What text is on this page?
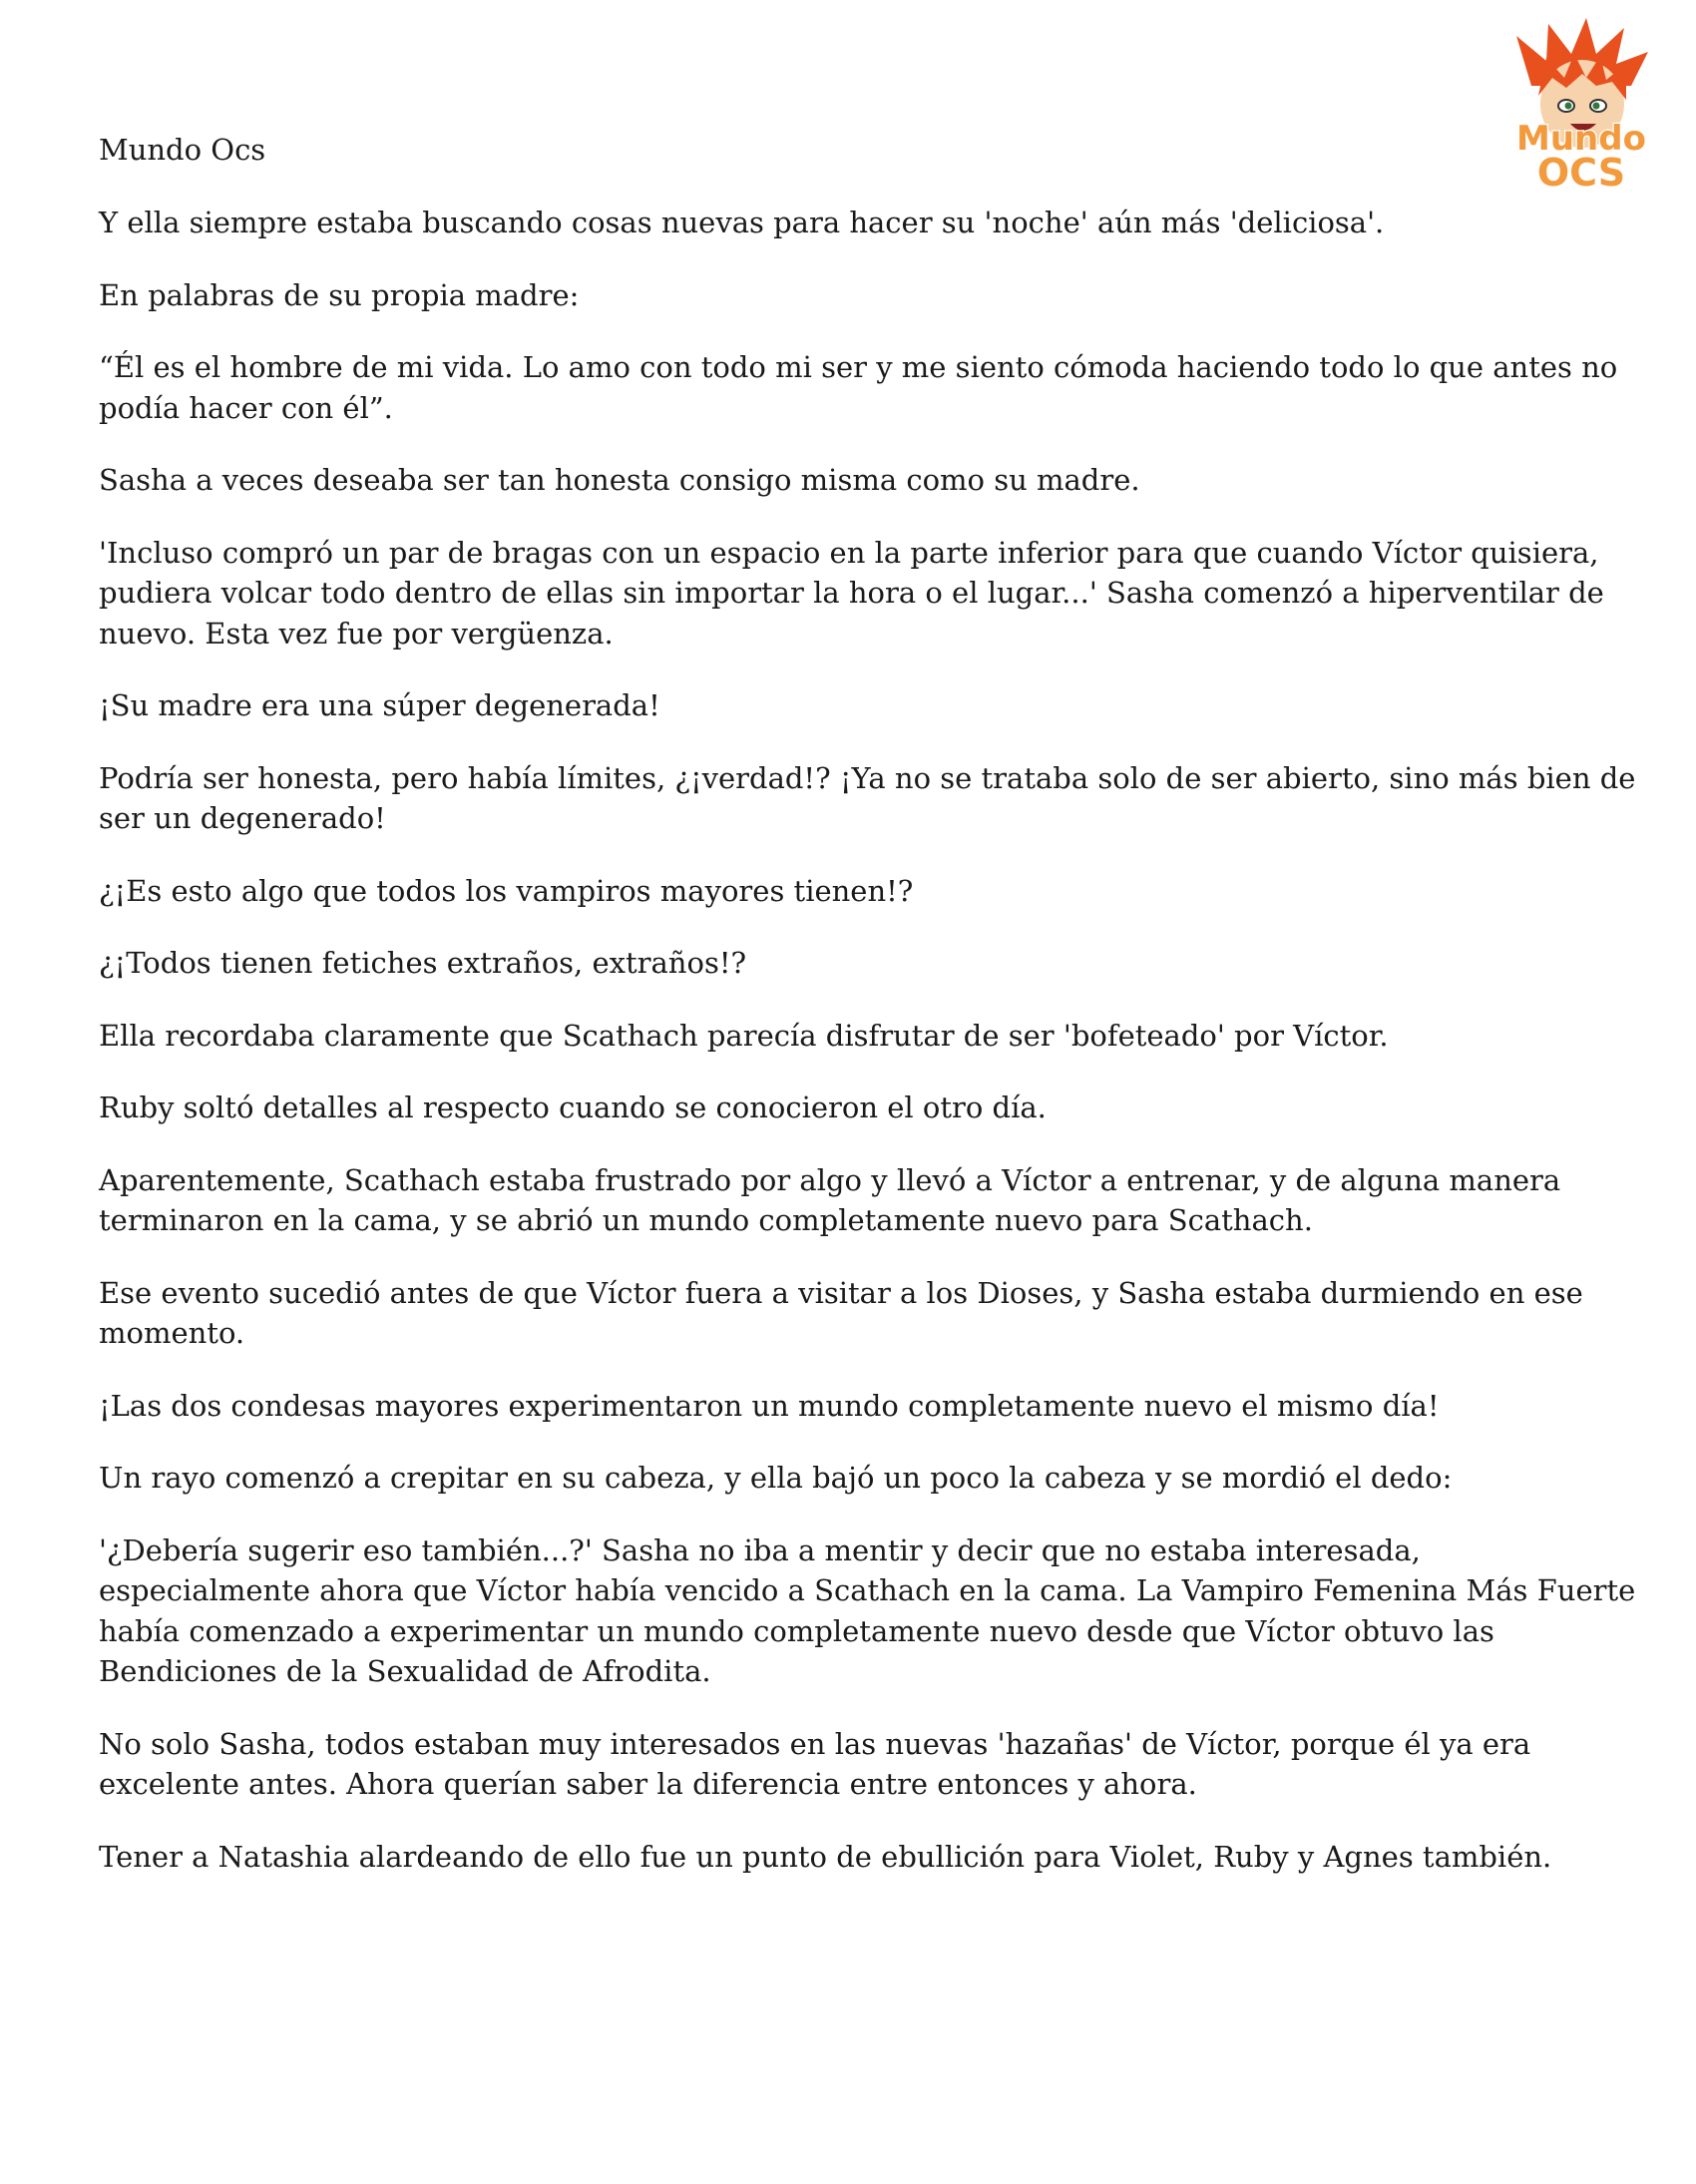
Mundo
OCS

Mundo Ocs

Y ella siempre estaba buscando cosas nuevas para hacer su 'noche' aún más 'deliciosa'.

En palabras de su propia madre:

“Él es el hombre de mi vida. Lo amo con todo mi ser y me siento cómoda haciendo todo lo que antes no podía hacer con él”.

Sasha a veces deseaba ser tan honesta consigo misma como su madre.

'Incluso compró un par de bragas con un espacio en la parte inferior para que cuando Víctor quisiera, pudiera volcar todo dentro de ellas sin importar la hora o el lugar...' Sasha comenzó a hiperventilar de nuevo. Esta vez fue por vergüenza.

¡Su madre era una súper degenerada!

Podría ser honesta, pero había límites, ¿¡verdad!? ¡Ya no se trataba solo de ser abierto, sino más bien de ser un degenerado!

¿¡Es esto algo que todos los vampiros mayores tienen!?

¿¡Todos tienen fetiches extraños, extraños!?

Ella recordaba claramente que Scathach parecía disfrutar de ser 'bofeteado' por Víctor.

Ruby soltó detalles al respecto cuando se conocieron el otro día.

Aparentemente, Scathach estaba frustrado por algo y llevó a Víctor a entrenar, y de alguna manera terminaron en la cama, y se abrió un mundo completamente nuevo para Scathach.

Ese evento sucedió antes de que Víctor fuera a visitar a los Dioses, y Sasha estaba durmiendo en ese momento.

¡Las dos condesas mayores experimentaron un mundo completamente nuevo el mismo día!

Un rayo comenzó a crepitar en su cabeza, y ella bajó un poco la cabeza y se mordió el dedo:

'¿Debería sugerir eso también...?' Sasha no iba a mentir y decir que no estaba interesada, especialmente ahora que Víctor había vencido a Scathach en la cama. La Vampiro Femenina Más Fuerte había comenzado a experimentar un mundo completamente nuevo desde que Víctor obtuvo las Bendiciones de la Sexualidad de Afrodita.

No solo Sasha, todos estaban muy interesados en las nuevas 'hazañas' de Víctor, porque él ya era excelente antes. Ahora querían saber la diferencia entre entonces y ahora.

Tener a Natashia alardeando de ello fue un punto de ebullición para Violet, Ruby y Agnes también.
